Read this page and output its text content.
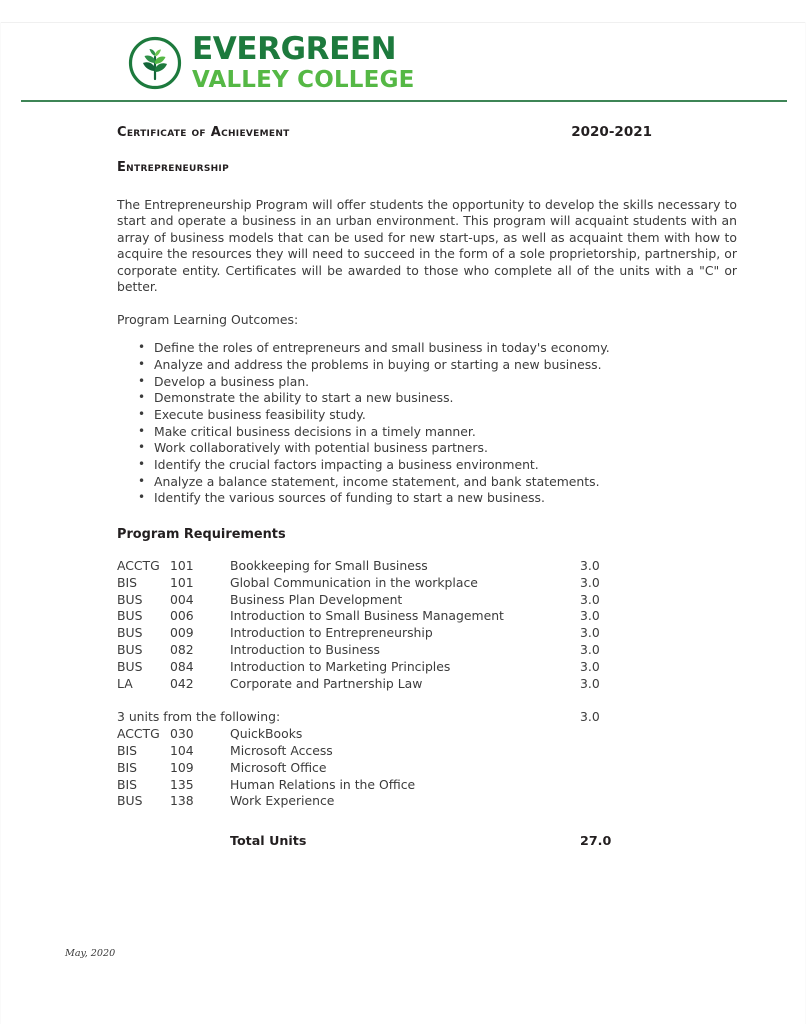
EVERGREEN
VALLEY COLLEGE
Certificate of Achievement	2020-2021
Entrepreneurship
The Entrepreneurship Program will offer students the opportunity to develop the skills necessary to start and operate a business in an urban environment. This program will acquaint students with an array of business models that can be used for new start-ups, as well as acquaint them with how to acquire the resources they will need to succeed in the form of a sole proprietorship, partnership, or corporate entity. Certificates will be awarded to those who complete all of the units with a "C" or better.
Program Learning Outcomes:
• Define the roles of entrepreneurs and small business in today's economy.
• Analyze and address the problems in buying or starting a new business.
• Develop a business plan.
• Demonstrate the ability to start a new business.
• Execute business feasibility study.
• Make critical business decisions in a timely manner.
• Work collaboratively with potential business partners.
• Identify the crucial factors impacting a business environment.
• Analyze a balance statement, income statement, and bank statements.
• Identify the various sources of funding to start a new business.
Program Requirements
ACCTG	101	Bookkeeping for Small Business	3.0
BIS	101	Global Communication in the workplace	3.0
BUS	004	Business Plan Development	3.0
BUS	006	Introduction to Small Business Management	3.0
BUS	009	Introduction to Entrepreneurship	3.0
BUS	082	Introduction to Business	3.0
BUS	084	Introduction to Marketing Principles	3.0
LA	042	Corporate and Partnership Law	3.0

3 units from the following:			3.0
ACCTG	030	QuickBooks	
BIS	104	Microsoft Access	
BIS	109	Microsoft Office	
BIS	135	Human Relations in the Office	
BUS	138	Work Experience	

		Total Units	27.0
May, 2020
